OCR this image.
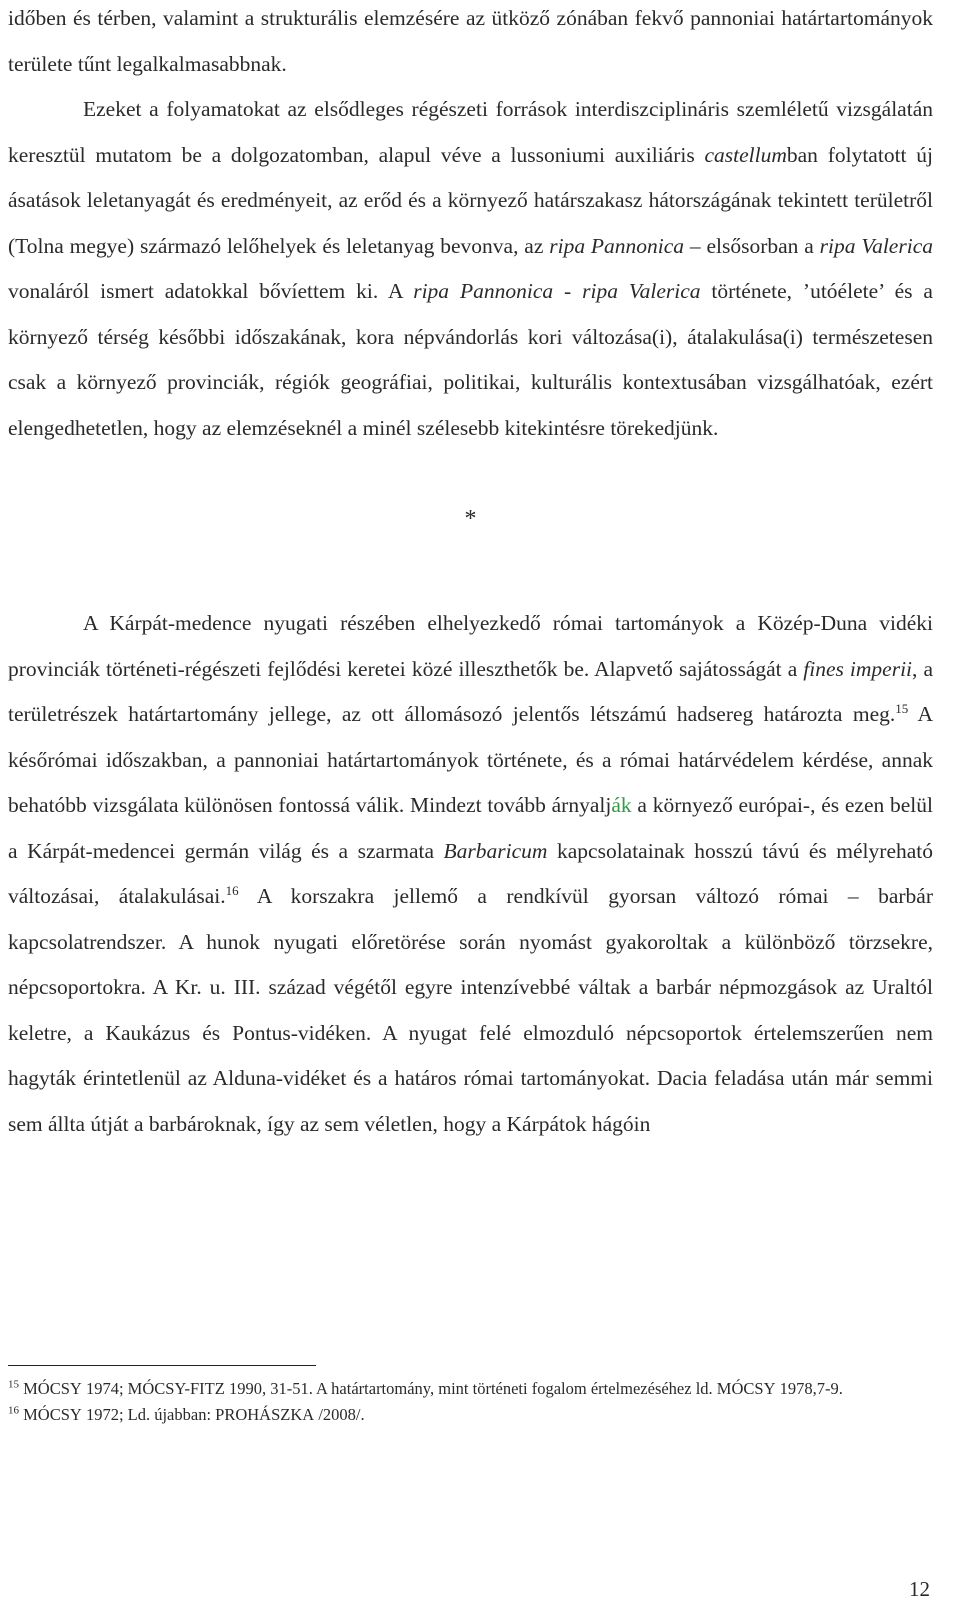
időben és térben, valamint a strukturális elemzésére az ütköző zónában fekvő pannoniai határtartományok területe tűnt legalkalmasabbnak.

Ezeket a folyamatokat az elsődleges régészeti források interdiszciplináris szemléletű vizsgálatán keresztül mutatom be a dolgozatomban, alapul véve a lussoniumi auxiliáris castellumban folytatott új ásatások leletanyagát és eredményeit, az erőd és a környező határszakasz hátországának tekintett területről (Tolna megye) származó lelőhelyek és leletanyag bevonva, az ripa Pannonica – elsősorban a ripa Valerica vonaláról ismert adatokkal bővíettem ki. A ripa Pannonica - ripa Valerica története, ’utóélete’ és a környező térség későbbi időszakának, kora népvándorlás kori változása(i), átalakulása(i) természetesen csak a környező provinciák, régiók geográfiai, politikai, kulturális kontextusában vizsgálhatóak, ezért elengedhetetlen, hogy az elemzéseknél a minél szélesebb kitekintésre törekedjünk.

*

A Kárpát-medence nyugati részében elhelyezkedő római tartományok a Közép-Duna vidéki provinciák történeti-régészeti fejlődési keretei közé illeszthetők be. Alapvető sajátosságát a fines imperii, a területrészek határtartomány jellege, az ott állomásozó jelentős létszámú hadsereg határozta meg.$^{15}$ A későrómai időszakban, a pannoniai határtartományok története, és a római határvédelem kérdése, annak behatóbb vizsgálata különösen fontossá válik. Mindezt tovább árnyalják a környező európai-, és ezen belül a Kárpát-medencei germán világ és a szarmata Barbaricum kapcsolatainak hosszú távú és mélyreható változásai, átalakulásai.$^{16}$ A korszakra jellemő a rendkívül gyorsan változó római – barbár kapcsolatrendszer. A hunok nyugati előretörése során nyomást gyakoroltak a különböző törzsekre, népcsoportokra. A Kr. u. III. század végétől egyre intenzívebbé váltak a barbár népmozgások az Uraltól keletre, a Kaukázus és Pontus-vidéken. A nyugat felé elmozduló népcsoportok értelemszerűen nem hagyták érintetlenül az Alduna-vidéket és a határos római tartományokat. Dacia feladása után már semmi sem állta útját a barbároknak, így az sem véletlen, hogy a Kárpátok hágóin

$^{15}$ MÓCSY 1974; MÓCSY-FITZ 1990, 31-51. A határtartomány, mint történeti fogalom értelmezéséhez ld. MÓCSY 1978,7-9.
$^{16}$ MÓCSY 1972; Ld. újabban: PROHÁSZKA /2008/.
12
